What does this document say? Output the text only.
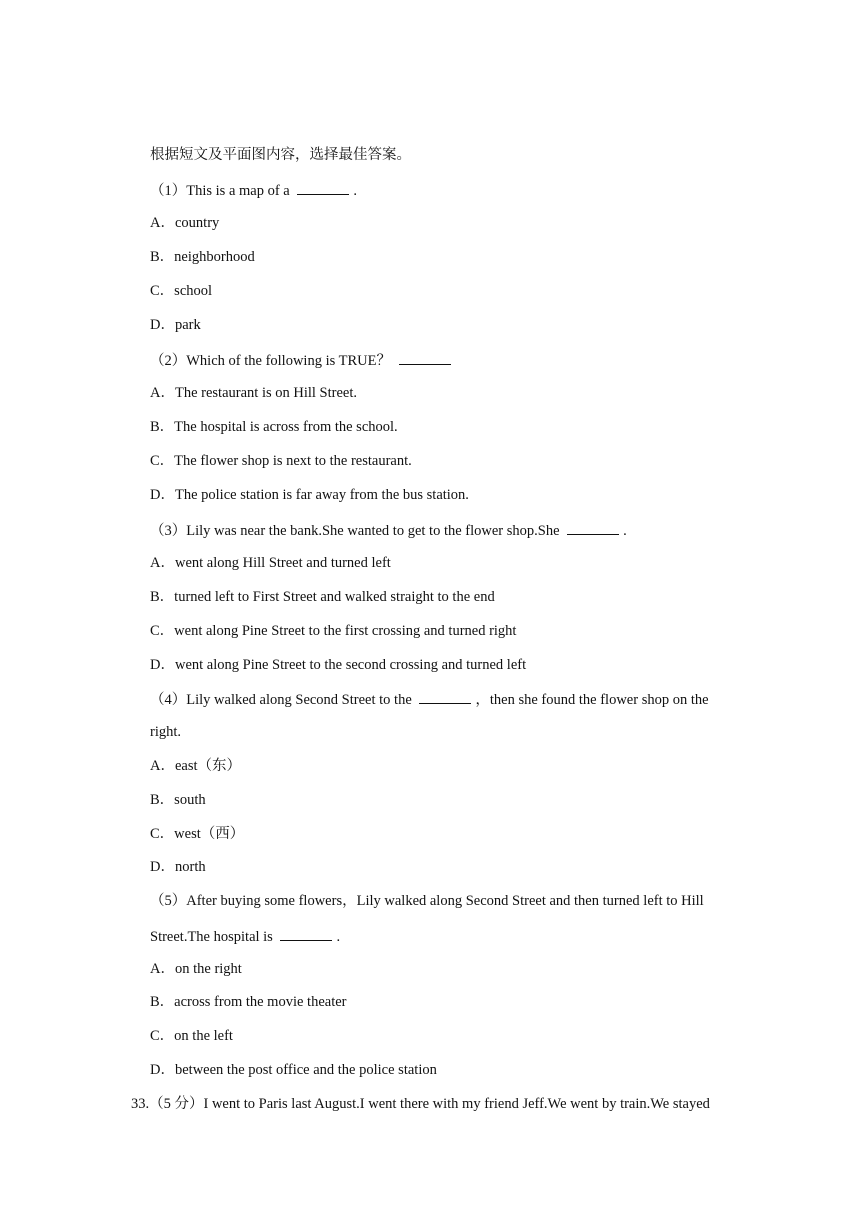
根据短文及平面图内容，选择最佳答案。
（1）This is a map of a	.
A．country
B．neighborhood
C．school
D．park
（2）Which of the following is TRUE？
A．The restaurant is on Hill Street.
B．The hospital is across from the school.
C．The flower shop is next to the restaurant.
D．The police station is far away from the bus station.
（3）Lily was near the bank.She wanted to get to the flower shop.She	.
A．went along Hill Street and turned left
B．turned left to First Street and walked straight to the end
C．went along Pine Street to the first crossing and turned right
D．went along Pine Street to the second crossing and turned left
（4）Lily walked along Second Street to the	，then she found the flower shop on the
right.
A．east（东）
B．south
C．west（西）
D．north
（5）After buying some flowers，Lily walked along Second Street and then turned left to Hill
Street.The hospital is	.
A．on the right
B．across from the movie theater
C．on the left
D．between the post office and the police station
33.（5 分）I went to Paris last August.I went there with my friend Jeff.We went by train.We stayed
